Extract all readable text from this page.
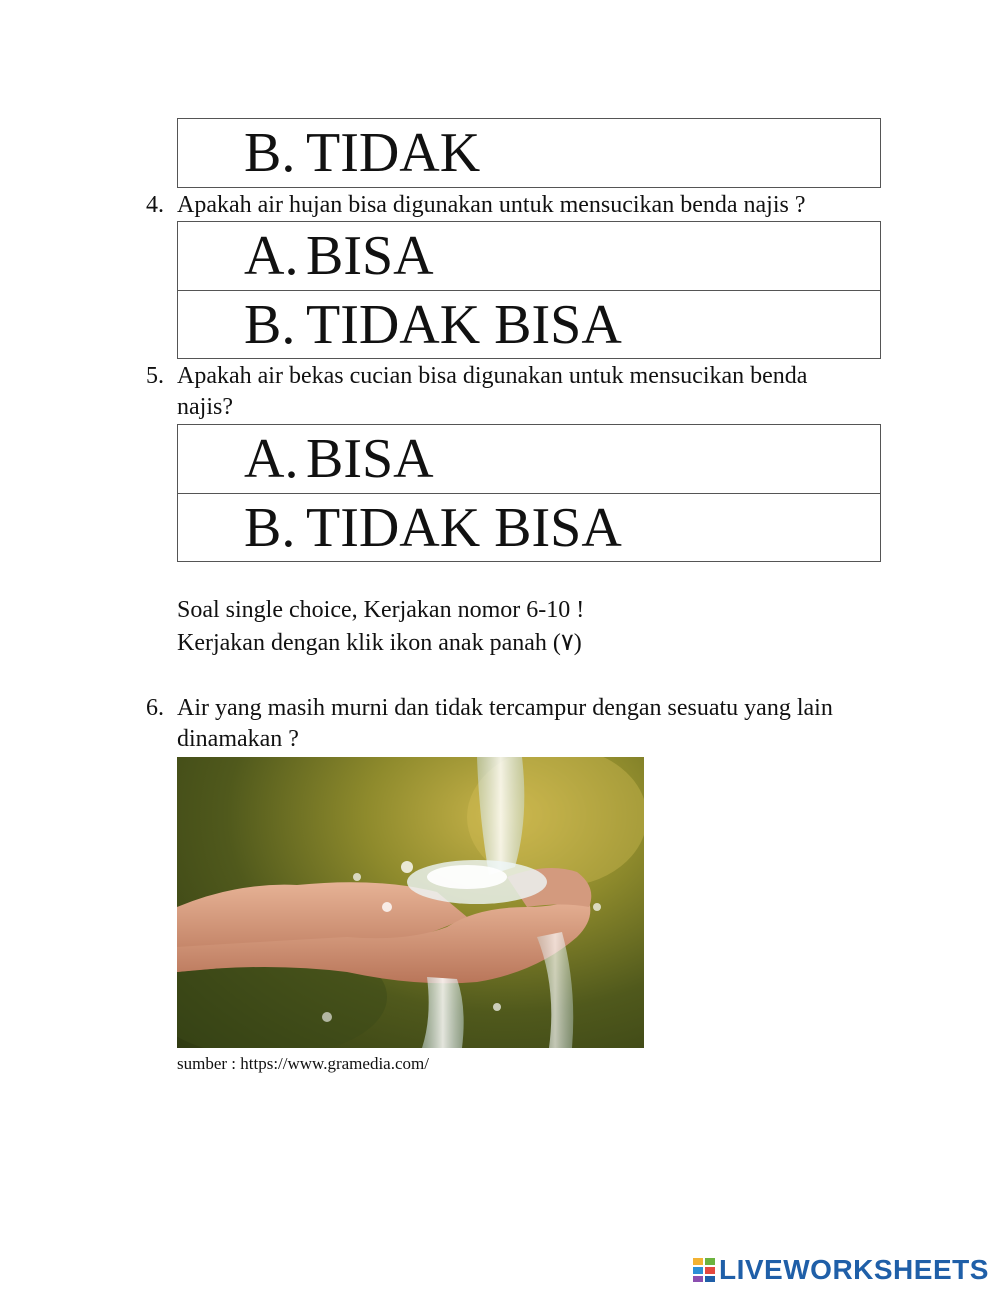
B. TIDAK
4. Apakah air hujan bisa digunakan untuk mensucikan benda najis ?
A. BISA
B. TIDAK BISA
5. Apakah air bekas cucian bisa digunakan untuk mensucikan benda najis?
A. BISA
B. TIDAK BISA
Soal single choice, Kerjakan nomor 6-10 !
Kerjakan dengan klik ikon anak panah (٧)
6. Air yang masih murni dan tidak tercampur dengan sesuatu yang lain dinamakan ?
sumber : https://www.gramedia.com/
LIVEWORKSHEETS
